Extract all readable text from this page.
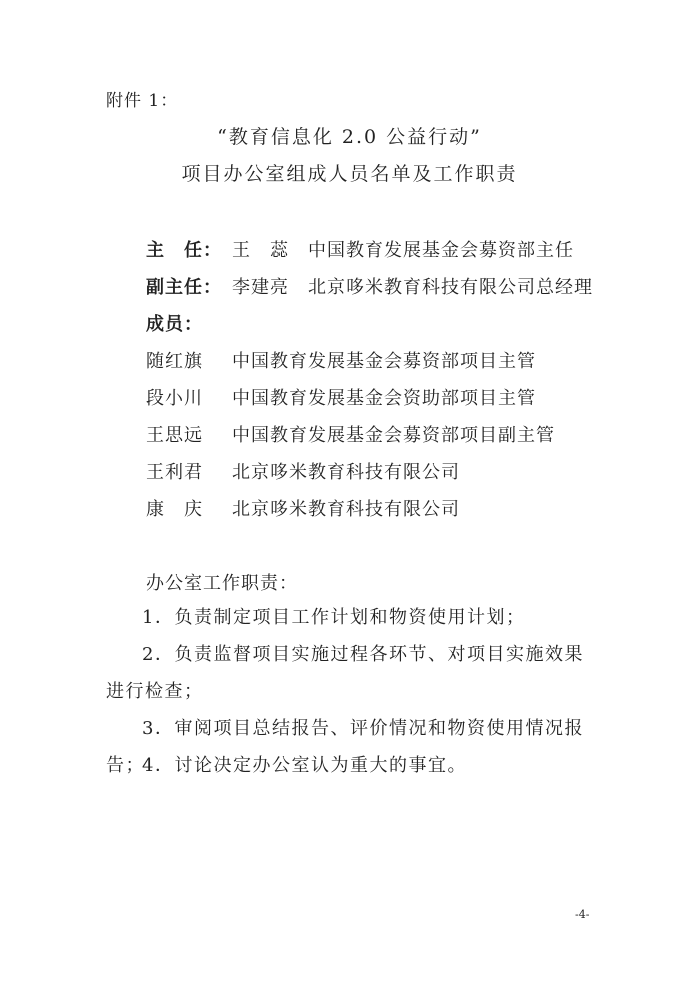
附件 1：
“教育信息化 2.0 公益行动”
项目办公室组成人员名单及工作职责
主　任： 王　蕊 中国教育发展基金会募资部主任
副主任： 李建亮 北京哆米教育科技有限公司总经理
成员：
随红旗 中国教育发展基金会募资部项目主管
段小川 中国教育发展基金会资助部项目主管
王思远 中国教育发展基金会募资部项目副主管
王利君 北京哆米教育科技有限公司
康　庆 北京哆米教育科技有限公司
办公室工作职责：
1．负责制定项目工作计划和物资使用计划；
2．负责监督项目实施过程各环节、对项目实施效果进行检查；
3．审阅项目总结报告、评价情况和物资使用情况报告；
4．讨论决定办公室认为重大的事宜。
-4-
